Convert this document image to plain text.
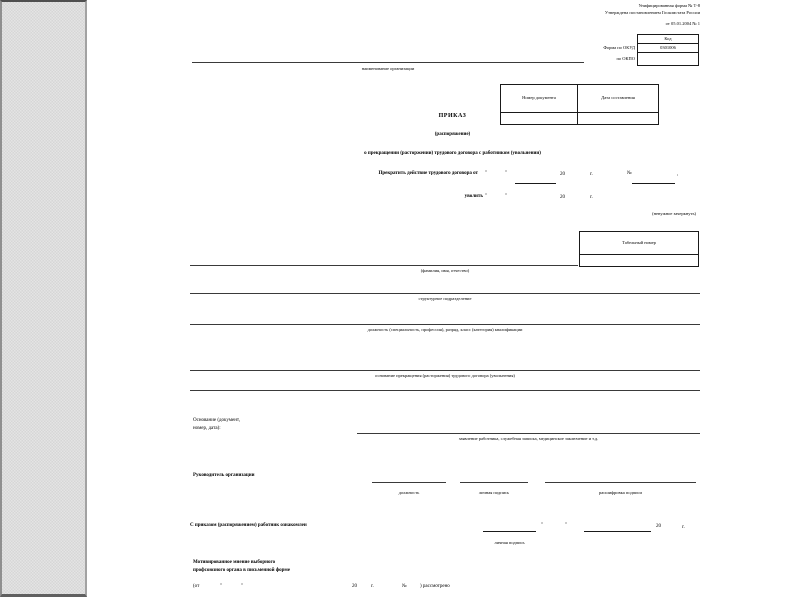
Унифицированная форма № Т-8
Утверждена постановлением Госкомстата России
от 05.01.2004 № 1
Код
0301006
Форма по ОКУД
по ОКПО
наименование организации
Номер документа	Дата составления
ПРИКАЗ
(распоряжение)
о прекращении (расторжении) трудового договора с работником (увольнении)
Прекратить действие трудового договора от "	"	20	г.	№	,
уволить "	"	20	г.
(ненужное зачеркнуть)
Табельный номер
(фамилия, имя, отчество)
структурное подразделение
должность (специальность, профессия), разряд, класс (категория) квалификации
основание прекращения (расторжения) трудового договора (увольнения)
Основание (документ,
номер, дата):
заявление работника, служебная записка, медицинское заключение и т.д.
Руководитель организации
должность	личная подпись	расшифровка подписи
С приказом (распоряжением) работник ознакомлен	"	"	20	г.
личная подпись
Мотивированное мнение выборного
профсоюзного органа в письменной форме
(от	"	"	20	г.	№	) рассмотрено
